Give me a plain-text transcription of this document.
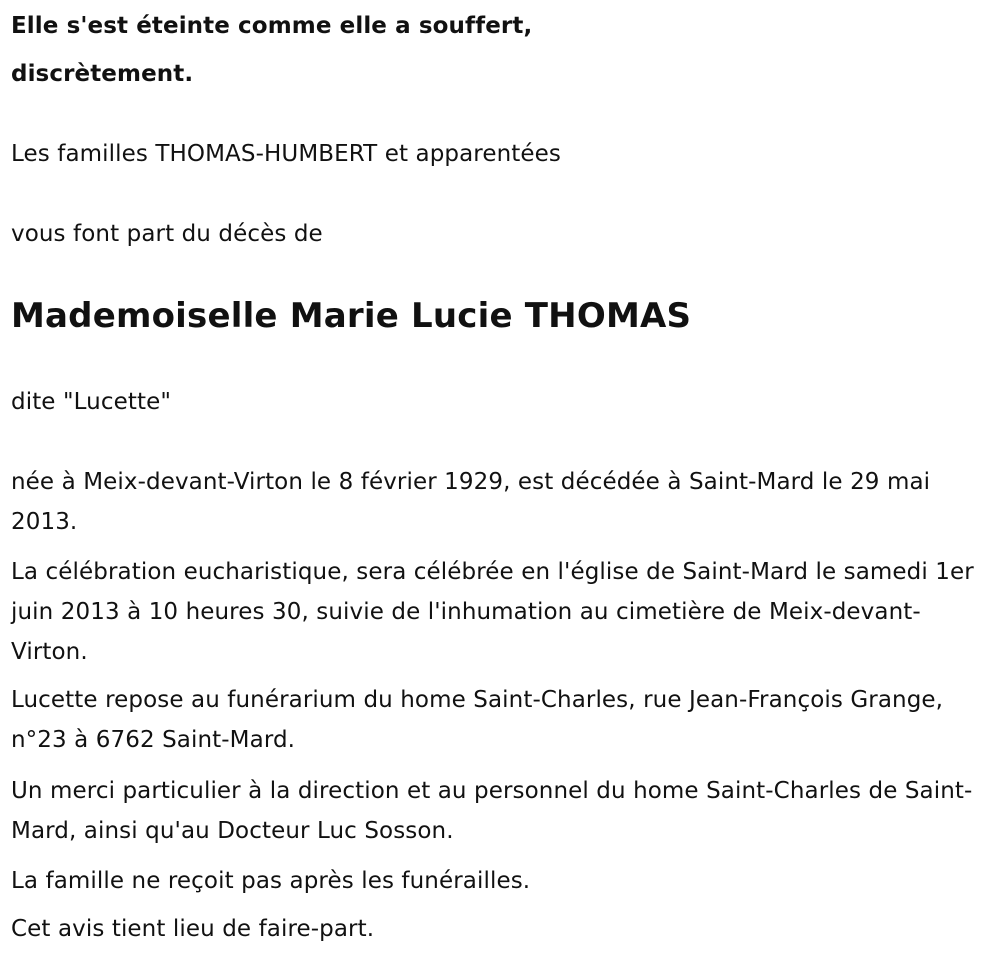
Elle s'est éteinte comme elle a souffert,

discrètement.

Les familles THOMAS-HUMBERT et apparentées

vous font part du décès de

Mademoiselle Marie Lucie THOMAS

dite "Lucette"

née à Meix-devant-Virton le 8 février 1929, est décédée à Saint-Mard le 29 mai 2013.

La célébration eucharistique, sera célébrée en l'église de Saint-Mard le samedi 1er juin 2013 à 10 heures 30, suivie de l'inhumation au cimetière de Meix-devant-Virton.

Lucette repose au funérarium du home Saint-Charles, rue Jean-François Grange, n°23 à 6762 Saint-Mard.

Un merci particulier à la direction et au personnel du home Saint-Charles de Saint-Mard, ainsi qu'au Docteur Luc Sosson.

La famille ne reçoit pas après les funérailles.

Cet avis tient lieu de faire-part.
